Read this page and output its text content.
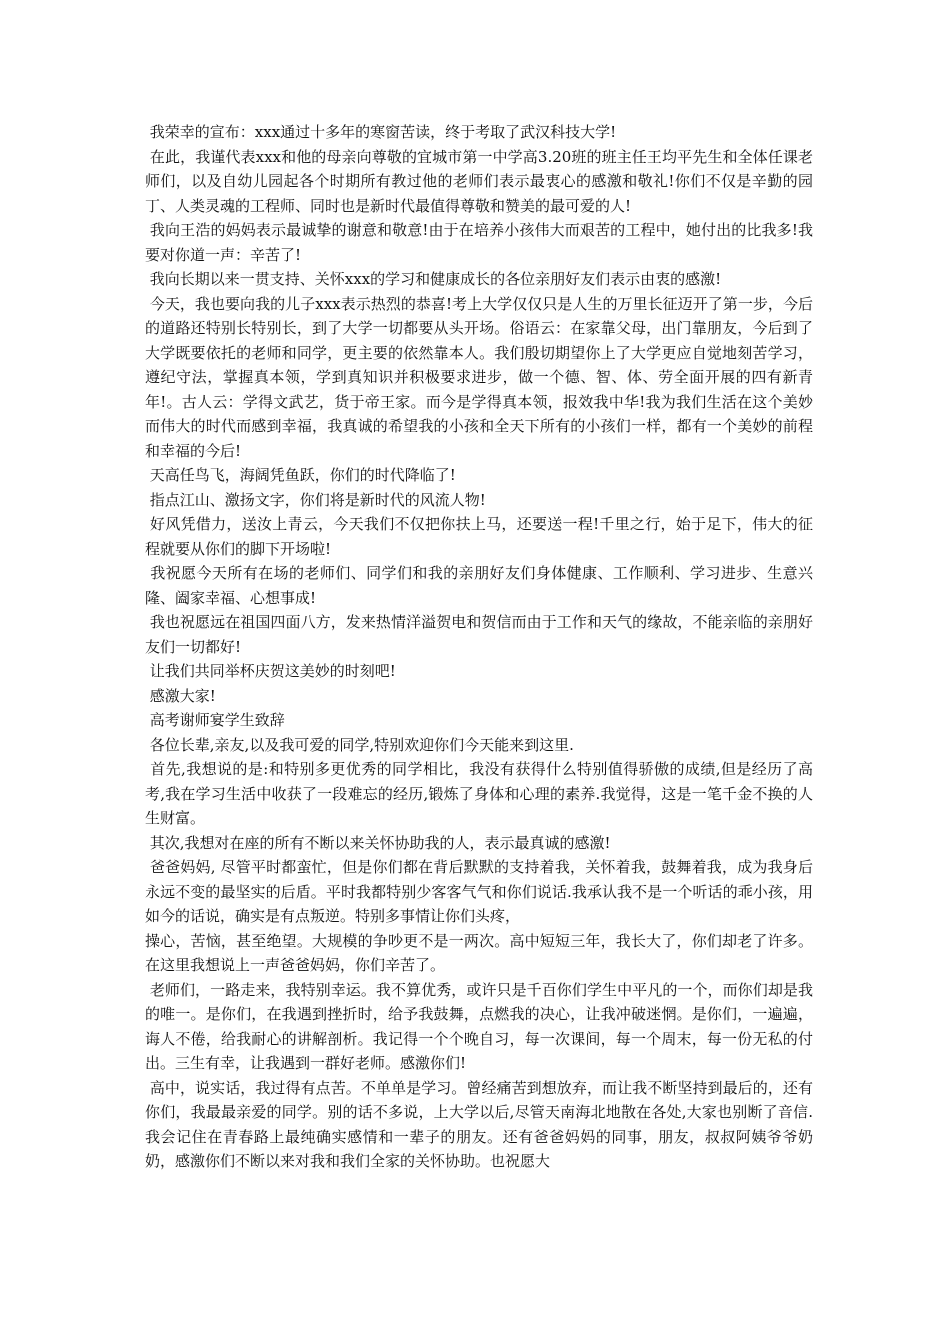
我荣幸的宣布：xxx通过十多年的寒窗苦读，终于考取了武汉科技大学!

在此，我谨代表xxx和他的母亲向尊敬的宜城市第一中学高3.20班的班主任王均平先生和全体任课老师们，以及自幼儿园起各个时期所有教过他的老师们表示最衷心的感激和敬礼!你们不仅是辛勤的园丁、人类灵魂的工程师、同时也是新时代最值得尊敬和赞美的最可爱的人!

我向王浩的妈妈表示最诚挚的谢意和敬意!由于在培养小孩伟大而艰苦的工程中，她付出的比我多!我要对你道一声：辛苦了!

我向长期以来一贯支持、关怀xxx的学习和健康成长的各位亲朋好友们表示由衷的感激!

今天，我也要向我的儿子xxx表示热烈的恭喜!考上大学仅仅只是人生的万里长征迈开了第一步，今后的道路还特别长特别长，到了大学一切都要从头开场。俗语云：在家靠父母，出门靠朋友，今后到了大学既要依托的老师和同学，更主要的依然靠本人。我们殷切期望你上了大学更应自觉地刻苦学习，遵纪守法，掌握真本领，学到真知识并积极要求进步，做一个德、智、体、劳全面开展的四有新青年!。古人云：学得文武艺，货于帝王家。而今是学得真本领，报效我中华!我为我们生活在这个美妙而伟大的时代而感到幸福，我真诚的希望我的小孩和全天下所有的小孩们一样，都有一个美妙的前程和幸福的今后!

天高任鸟飞，海阔凭鱼跃，你们的时代降临了!

指点江山、激扬文字，你们将是新时代的风流人物!

好风凭借力，送汝上青云，今天我们不仅把你扶上马，还要送一程!千里之行，始于足下，伟大的征程就要从你们的脚下开场啦!

我祝愿今天所有在场的老师们、同学们和我的亲朋好友们身体健康、工作顺利、学习进步、生意兴隆、阖家幸福、心想事成!

我也祝愿远在祖国四面八方，发来热情洋溢贺电和贺信而由于工作和天气的缘故，不能亲临的亲朋好友们一切都好!

让我们共同举杯庆贺这美妙的时刻吧!

感激大家!

高考谢师宴学生致辞

各位长辈,亲友,以及我可爱的同学,特别欢迎你们今天能来到这里.

首先,我想说的是:和特别多更优秀的同学相比，我没有获得什么特别值得骄傲的成绩,但是经历了高考,我在学习生活中收获了一段难忘的经历,锻炼了身体和心理的素养.我觉得，这是一笔千金不换的人生财富。

其次,我想对在座的所有不断以来关怀协助我的人，表示最真诚的感激!

爸爸妈妈, 尽管平时都蛮忙，但是你们都在背后默默的支持着我，关怀着我，鼓舞着我，成为我身后永远不变的最坚实的后盾。平时我都特别少客客气气和你们说话.我承认我不是一个听话的乖小孩，用如今的话说，确实是有点叛逆。特别多事情让你们头疼，
操心，苦恼，甚至绝望。大规模的争吵更不是一两次。高中短短三年，我长大了，你们却老了许多。在这里我想说上一声爸爸妈妈，你们辛苦了。

老师们，一路走来，我特别幸运。我不算优秀，或许只是千百你们学生中平凡的一个，而你们却是我的唯一。是你们，在我遇到挫折时，给予我鼓舞，点燃我的决心，让我冲破迷惘。是你们，一遍遍，诲人不倦，给我耐心的讲解剖析。我记得一个个晚自习，每一次课间，每一个周末，每一份无私的付出。三生有幸，让我遇到一群好老师。感激你们!

高中，说实话，我过得有点苦。不单单是学习。曾经痛苦到想放弃，而让我不断坚持到最后的，还有你们，我最最亲爱的同学。别的话不多说，上大学以后,尽管天南海北地散在各处,大家也别断了音信.我会记住在青春路上最纯确实感情和一辈子的朋友。还有爸爸妈妈的同事，朋友，叔叔阿姨爷爷奶奶，感激你们不断以来对我和我们全家的关怀协助。也祝愿大
